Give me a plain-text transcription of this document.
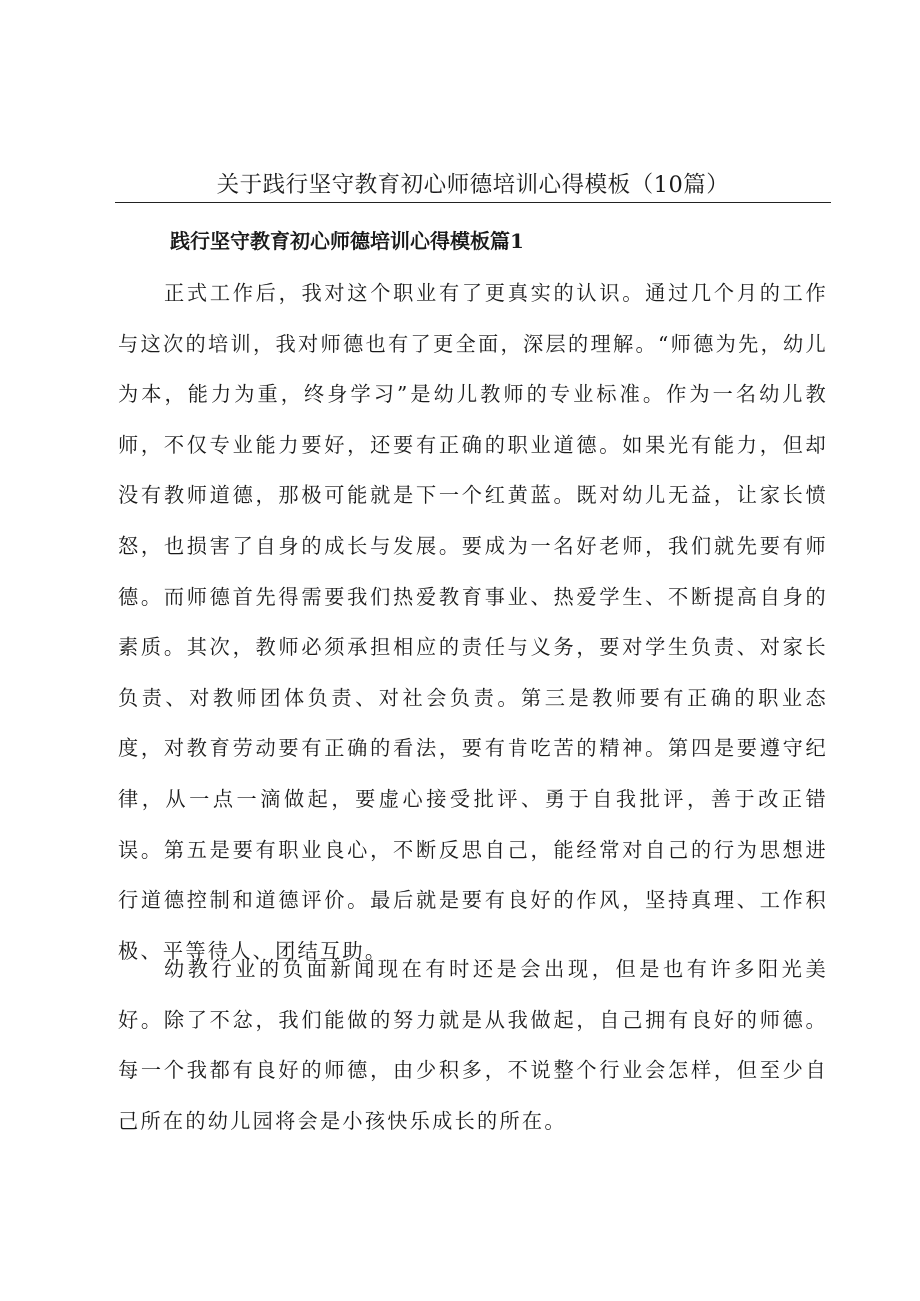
关于践行坚守教育初心师德培训心得模板（10篇）
践行坚守教育初心师德培训心得模板篇1

正式工作后，我对这个职业有了更真实的认识。通过几个月的工作与这次的培训，我对师德也有了更全面，深层的理解。“师德为先，幼儿为本，能力为重，终身学习”是幼儿教师的专业标准。作为一名幼儿教师，不仅专业能力要好，还要有正确的职业道德。如果光有能力，但却没有教师道德，那极可能就是下一个红黄蓝。既对幼儿无益，让家长愤怒，也损害了自身的成长与发展。要成为一名好老师，我们就先要有师德。而师德首先得需要我们热爱教育事业、热爱学生、不断提高自身的素质。其次，教师必须承担相应的责任与义务，要对学生负责、对家长负责、对教师团体负责、对社会负责。第三是教师要有正确的职业态度，对教育劳动要有正确的看法，要有肯吃苦的精神。第四是要遵守纪律，从一点一滴做起，要虚心接受批评、勇于自我批评，善于改正错误。第五是要有职业良心，不断反思自己，能经常对自己的行为思想进行道德控制和道德评价。最后就是要有良好的作风，坚持真理、工作积极、平等待人、团结互助。

幼教行业的负面新闻现在有时还是会出现，但是也有许多阳光美好。除了不忿，我们能做的努力就是从我做起，自己拥有良好的师德。每一个我都有良好的师德，由少积多，不说整个行业会怎样，但至少自己所在的幼儿园将会是小孩快乐成长的所在。
